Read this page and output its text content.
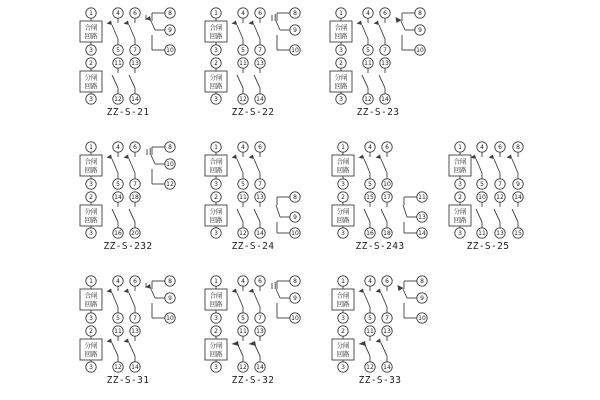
1
合闸
回路
3
2
分闸
回路
3
4
5
6
7
11
12
13
14
8
9
10
ZZ-S-21
1
合闸
回路
3
2
分闸
回路
3
4
5
6
7
11
12
13
14
8
9
10
ZZ-S-22
1
合闸
回路
3
2
分闸
回路
3
4
5
6
7
11
12
13
14
8
9
10
ZZ-S-23
1
合闸
回路
3
2
分闸
回路
3
4
5
6
7
14
16
18
20
8
10
12
ZZ-S-232
1
合闸
回路
3
2
分闸
回路
3
4
5
6
7
11
12
13
14
8
9
10
ZZ-S-24
1
合闸
回路
3
2
分闸
回路
3
4
5
6
10
15
16
17
18
11
13
14
ZZ-S-243
1
合闸
回路
3
2
分闸
回路
3
4
5
6
7
8
9
10
11
12
13
14
15
ZZ-S-25
1
合闸
回路
3
2
分闸
回路
3
4
5
6
7
11
12
13
14
8
9
10
ZZ-S-31
1
合闸
回路
3
2
分闸
回路
3
4
5
6
7
11
12
13
14
8
9
10
ZZ-S-32
1
合闸
回路
3
2
分闸
回路
3
4
5
6
7
11
12
13
14
8
9
10
ZZ-S-33
